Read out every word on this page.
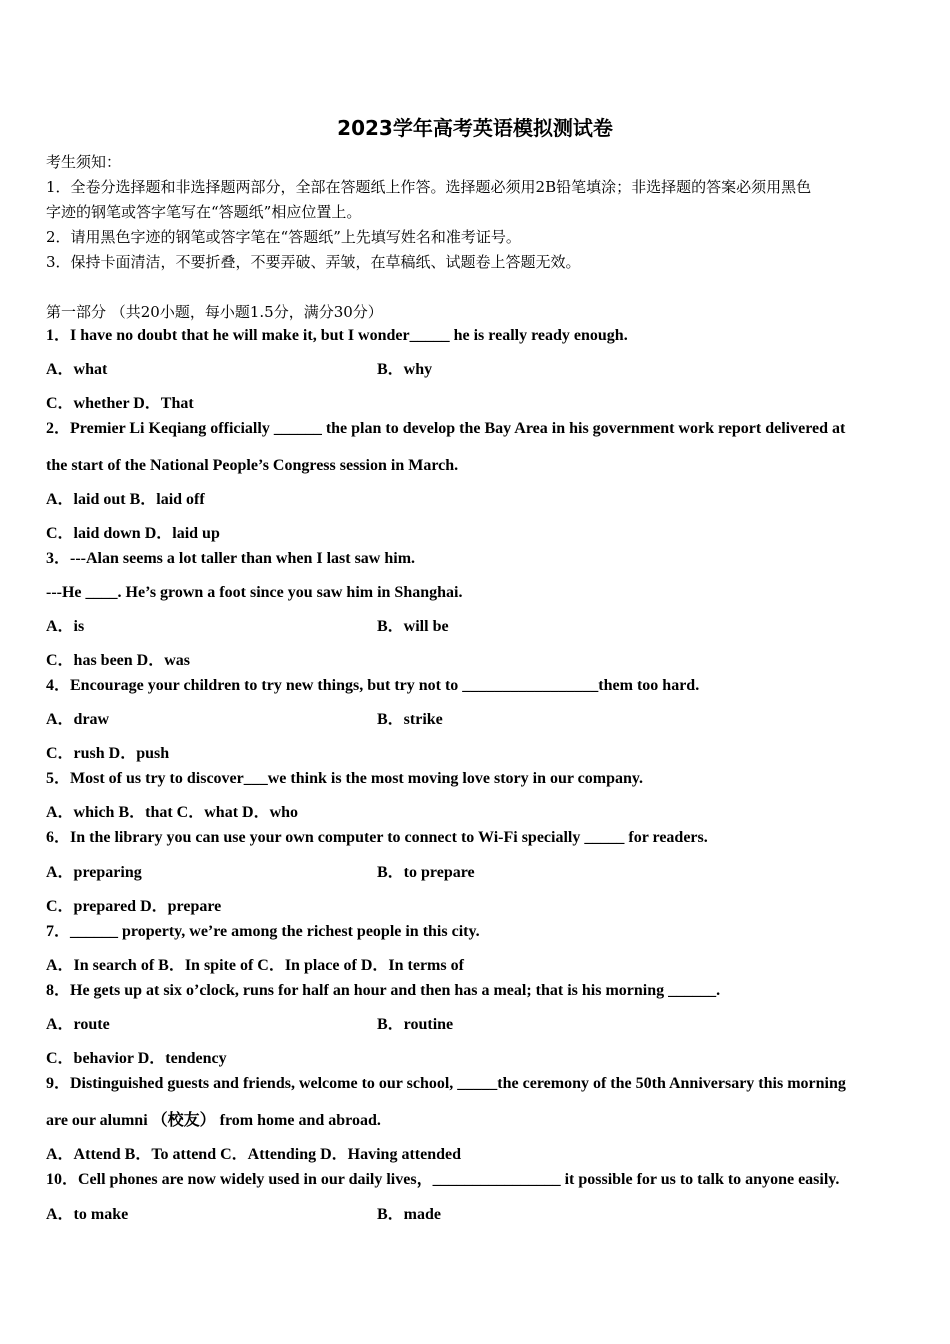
2023学年高考英语模拟测试卷
考生须知：
1．全卷分选择题和非选择题两部分，全部在答题纸上作答。选择题必须用2B铅笔填涂；非选择题的答案必须用黑色
字迹的钢笔或答字笔写在“答题纸”相应位置上。
2．请用黑色字迹的钢笔或答字笔在“答题纸”上先填写姓名和准考证号。
3．保持卡面清洁，不要折叠，不要弄破、弄皱，在草稿纸、试题卷上答题无效。
第一部分 （共20小题，每小题1.5分，满分30分）
1．I have no doubt that he will make it, but I wonder_____ he is really ready enough.
A．what	B．why
C．whether D．That
2．Premier Li Keqiang officially ______ the plan to develop the Bay Area in his government work report delivered at
the start of the National People’s Congress session in March.
A．laid out B．laid off
C．laid down D．laid up
3．---Alan seems a lot taller than when I last saw him.
---He ____. He’s grown a foot since you saw him in Shanghai.
A．is	B．will be
C．has been D．was
4．Encourage your children to try new things, but try not to _________________them too hard.
A．draw	B．strike
C．rush D．push
5．Most of us try to discover___we think is the most moving love story in our company.
A．which B．that C．what D．who
6．In the library you can use your own computer to connect to Wi-Fi specially _____ for readers.
A．preparing	B．to prepare
C．prepared D．prepare
7．______ property, we’re among the richest people in this city.
A．In search of B．In spite of C．In place of D．In terms of
8．He gets up at six o’clock, runs for half an hour and then has a meal; that is his morning ______.
A．route	B．routine
C．behavior D．tendency
9．Distinguished guests and friends, welcome to our school, _____the ceremony of the 50th Anniversary this morning
are our alumni （校友） from home and abroad.
A．Attend B．To attend C．Attending D．Having attended
10．Cell phones are now widely used in our daily lives，________________ it possible for us to talk to anyone easily.
A．to make	B．made
